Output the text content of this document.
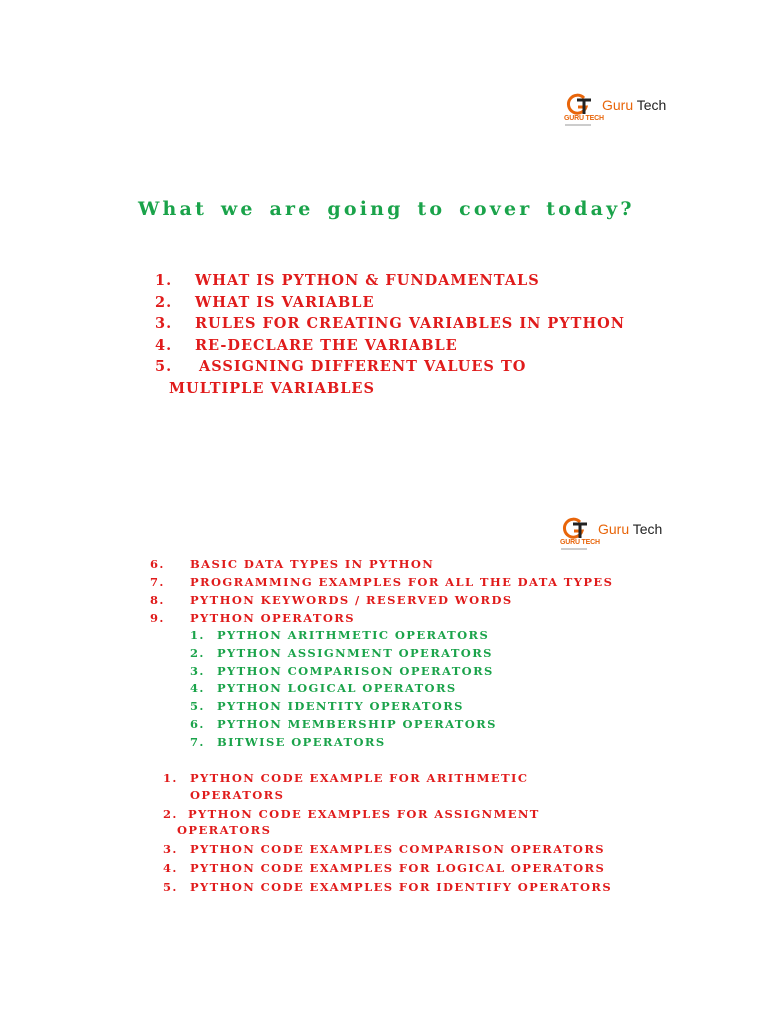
GURU TECH
Guru Tech
What we are going to cover today?
1. WHAT IS PYTHON & FUNDAMENTALS
2. WHAT IS VARIABLE
3. RULES FOR CREATING VARIABLES IN PYTHON
4. RE-DECLARE THE VARIABLE
5. ASSIGNING DIFFERENT VALUES TO
MULTIPLE VARIABLES
GURU TECH
Guru Tech
6. BASIC DATA TYPES IN PYTHON
7. PROGRAMMING EXAMPLES FOR ALL THE DATA TYPES
8. PYTHON KEYWORDS / RESERVED WORDS
9. PYTHON OPERATORS
1. PYTHON ARITHMETIC OPERATORS
2. PYTHON ASSIGNMENT OPERATORS
3. PYTHON COMPARISON OPERATORS
4. PYTHON LOGICAL OPERATORS
5. PYTHON IDENTITY OPERATORS
6. PYTHON MEMBERSHIP OPERATORS
7. BITWISE OPERATORS
1. PYTHON CODE EXAMPLE FOR ARITHMETIC
OPERATORS
2. PYTHON CODE EXAMPLES FOR ASSIGNMENT
OPERATORS
3. PYTHON CODE EXAMPLES COMPARISON OPERATORS
4. PYTHON CODE EXAMPLES FOR LOGICAL OPERATORS
5. PYTHON CODE EXAMPLES FOR IDENTIFY OPERATORS
